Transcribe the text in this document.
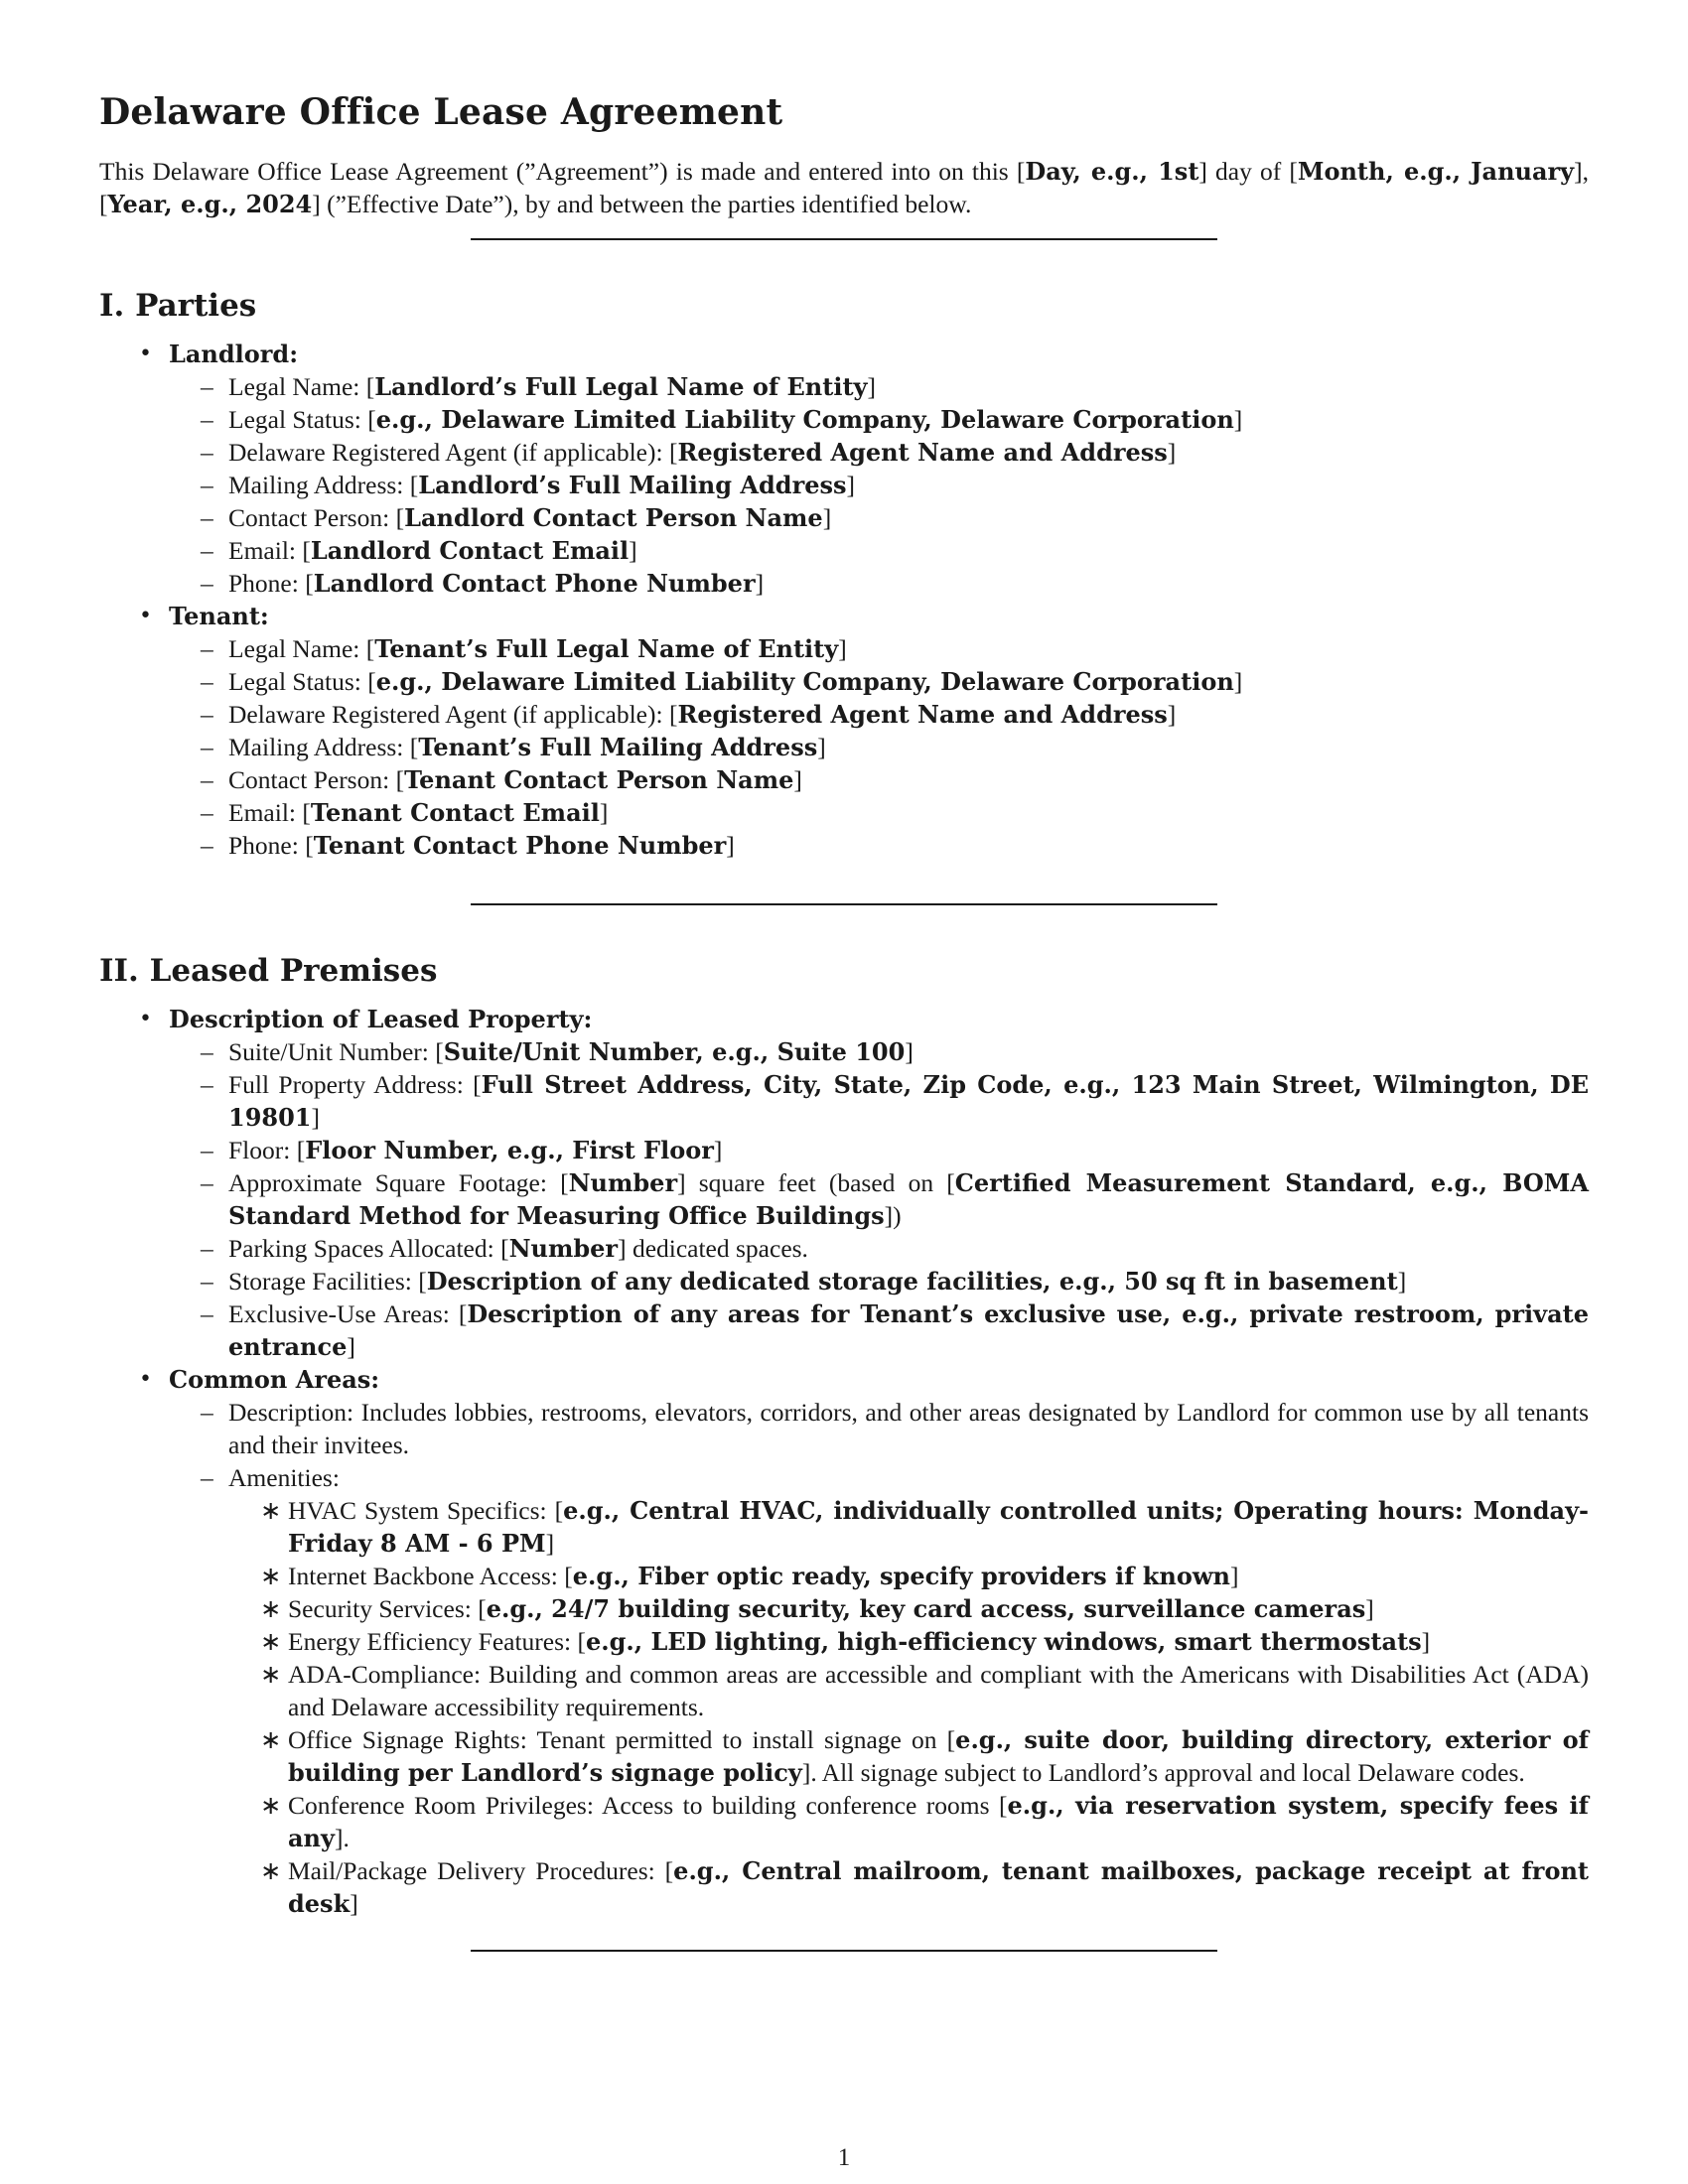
Delaware Office Lease Agreement

This Delaware Office Lease Agreement (”Agreement”) is made and entered into on this [Day, e.g., 1st] day of [Month, e.g., January], [Year, e.g., 2024] (”Effective Date”), by and between the parties identified below.

I. Parties
• Landlord:
– Legal Name: [Landlord’s Full Legal Name of Entity]
– Legal Status: [e.g., Delaware Limited Liability Company, Delaware Corporation]
– Delaware Registered Agent (if applicable): [Registered Agent Name and Address]
– Mailing Address: [Landlord’s Full Mailing Address]
– Contact Person: [Landlord Contact Person Name]
– Email: [Landlord Contact Email]
– Phone: [Landlord Contact Phone Number]
• Tenant:
– Legal Name: [Tenant’s Full Legal Name of Entity]
– Legal Status: [e.g., Delaware Limited Liability Company, Delaware Corporation]
– Delaware Registered Agent (if applicable): [Registered Agent Name and Address]
– Mailing Address: [Tenant’s Full Mailing Address]
– Contact Person: [Tenant Contact Person Name]
– Email: [Tenant Contact Email]
– Phone: [Tenant Contact Phone Number]
II. Leased Premises
• Description of Leased Property:
– Suite/Unit Number: [Suite/Unit Number, e.g., Suite 100]
– Full Property Address: [Full Street Address, City, State, Zip Code, e.g., 123 Main Street, Wilmington, DE 19801]
– Floor: [Floor Number, e.g., First Floor]
– Approximate Square Footage: [Number] square feet (based on [Certified Measurement Standard, e.g., BOMA Standard Method for Measuring Office Buildings])
– Parking Spaces Allocated: [Number] dedicated spaces.
– Storage Facilities: [Description of any dedicated storage facilities, e.g., 50 sq ft in basement]
– Exclusive-Use Areas: [Description of any areas for Tenant’s exclusive use, e.g., private restroom, private entrance]
• Common Areas:
– Description: Includes lobbies, restrooms, elevators, corridors, and other areas designated by Landlord for common use by all tenants and their invitees.
– Amenities:
∗ HVAC System Specifics: [e.g., Central HVAC, individually controlled units; Operating hours: Monday-Friday 8 AM - 6 PM]
∗ Internet Backbone Access: [e.g., Fiber optic ready, specify providers if known]
∗ Security Services: [e.g., 24/7 building security, key card access, surveillance cameras]
∗ Energy Efficiency Features: [e.g., LED lighting, high-efficiency windows, smart thermostats]
∗ ADA-Compliance: Building and common areas are accessible and compliant with the Americans with Disabilities Act (ADA) and Delaware accessibility requirements.
∗ Office Signage Rights: Tenant permitted to install signage on [e.g., suite door, building directory, exterior of building per Landlord’s signage policy]. All signage subject to Landlord’s approval and local Delaware codes.
∗ Conference Room Privileges: Access to building conference rooms [e.g., via reservation system, specify fees if any].
∗ Mail/Package Delivery Procedures: [e.g., Central mailroom, tenant mailboxes, package receipt at front desk]
1
